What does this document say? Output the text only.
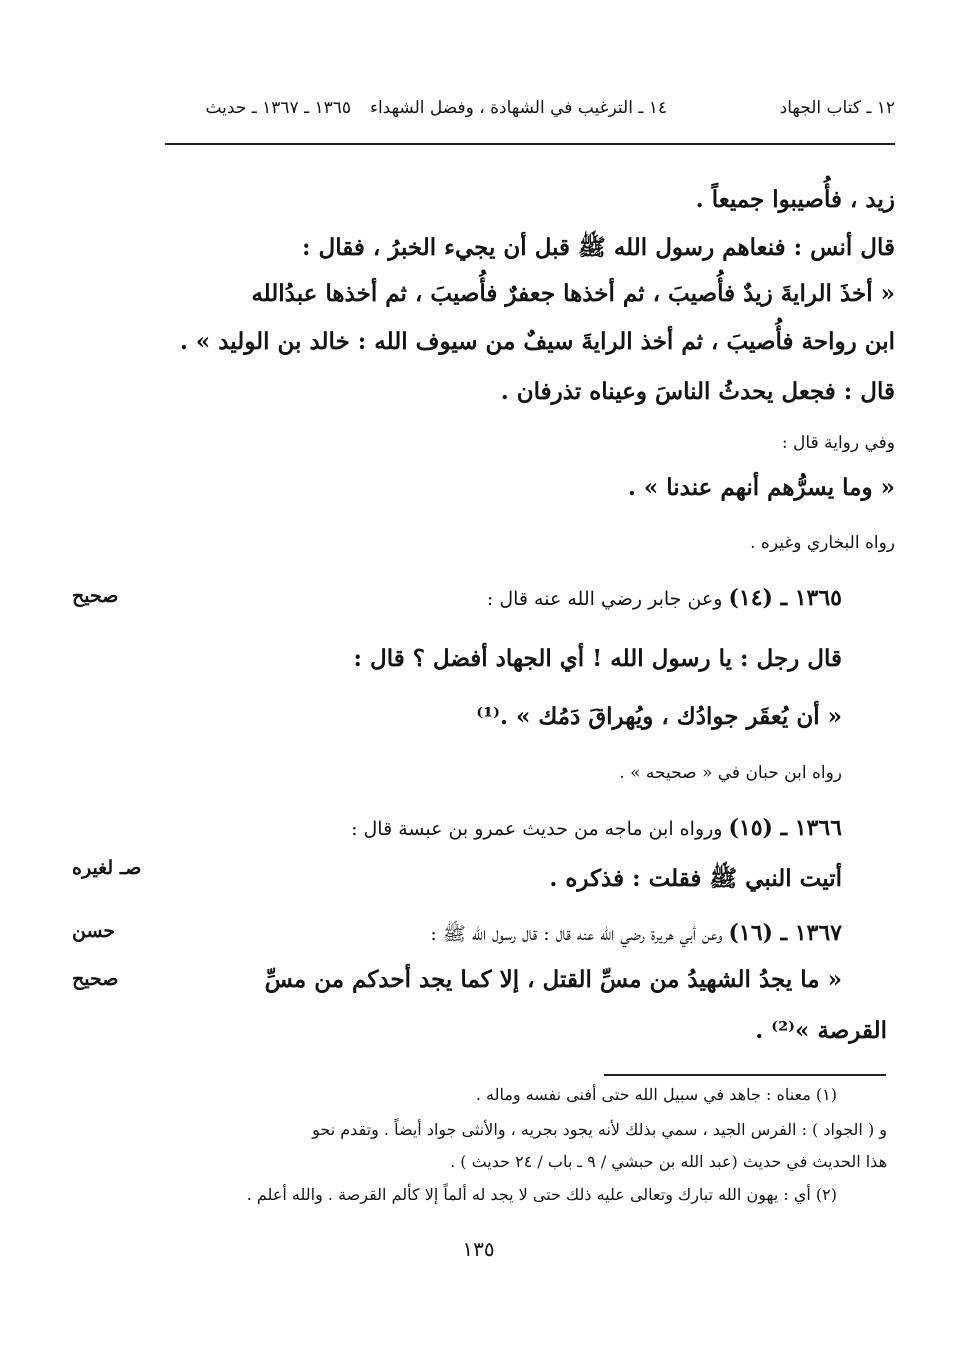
١٢ ـ كتاب الجهاد
١٤ ـ الترغيب في الشهادة ، وفضل الشهداء
١٣٦٥ ـ ١٣٦٧ ـ حديث
زيد ، فأُصيبوا جميعاً .
قال أنس : فنعاهم رسول الله ﷺ قبل أن يجيء الخبرُ ، فقال :
« أخذَ الرايةَ زيدٌ فأُصيبَ ، ثم أخذها جعفرٌ فأُصيبَ ، ثم أخذها عبدُالله
ابن رواحة فأُصيبَ ، ثم أخذ الرايةَ سيفٌ من سيوف الله : خالد بن الوليد » .
قال : فجعل يحدثُ الناسَ وعيناه تذرفان .
وفي رواية قال :
« وما يسرُّهم أنهم عندنا » .
رواه البخاري وغيره .
صحيح	١٣٦٥ ـ (١٤) وعن جابر رضي الله عنه قال :
قال رجل : يا رسول الله ! أي الجهاد أفضل ؟ قال :
« أن يُعقَر جوادُك ، ويُهراقَ دَمُك » .⁽¹⁾
رواه ابن حبان في « صحيحه » .
١٣٦٦ ـ (١٥) ورواه ابن ماجه من حديث عمرو بن عبسة قال :
صـ لغيره	أتيت النبي ﷺ فقلت : فذكره .
حسن	١٣٦٧ ـ (١٦) وعن أبي هريرة رضي الله عنه قال : قال رسول الله ﷺ :
صحيح	« ما يجدُ الشهيدُ من مسِّ القتل ، إلا كما يجد أحدكم من مسِّ
القرصة »⁽²⁾ .
(١) معناه : جاهد في سبيل الله حتى أفنى نفسه وماله .
و ( الجواد ) : الفرس الجيد ، سمي بذلك لأنه يجود بجريه ، والأنثى جواد أيضاً . وتقدم نحو
هذا الحديث في حديث (عبد الله بن حبشي / ٩ ـ باب / ٢٤ حديث ) .
(٢) أي : يهون الله تبارك وتعالى عليه ذلك حتى لا يجد له ألماً إلا كألم القرصة . والله أعلم .
١٣٥
